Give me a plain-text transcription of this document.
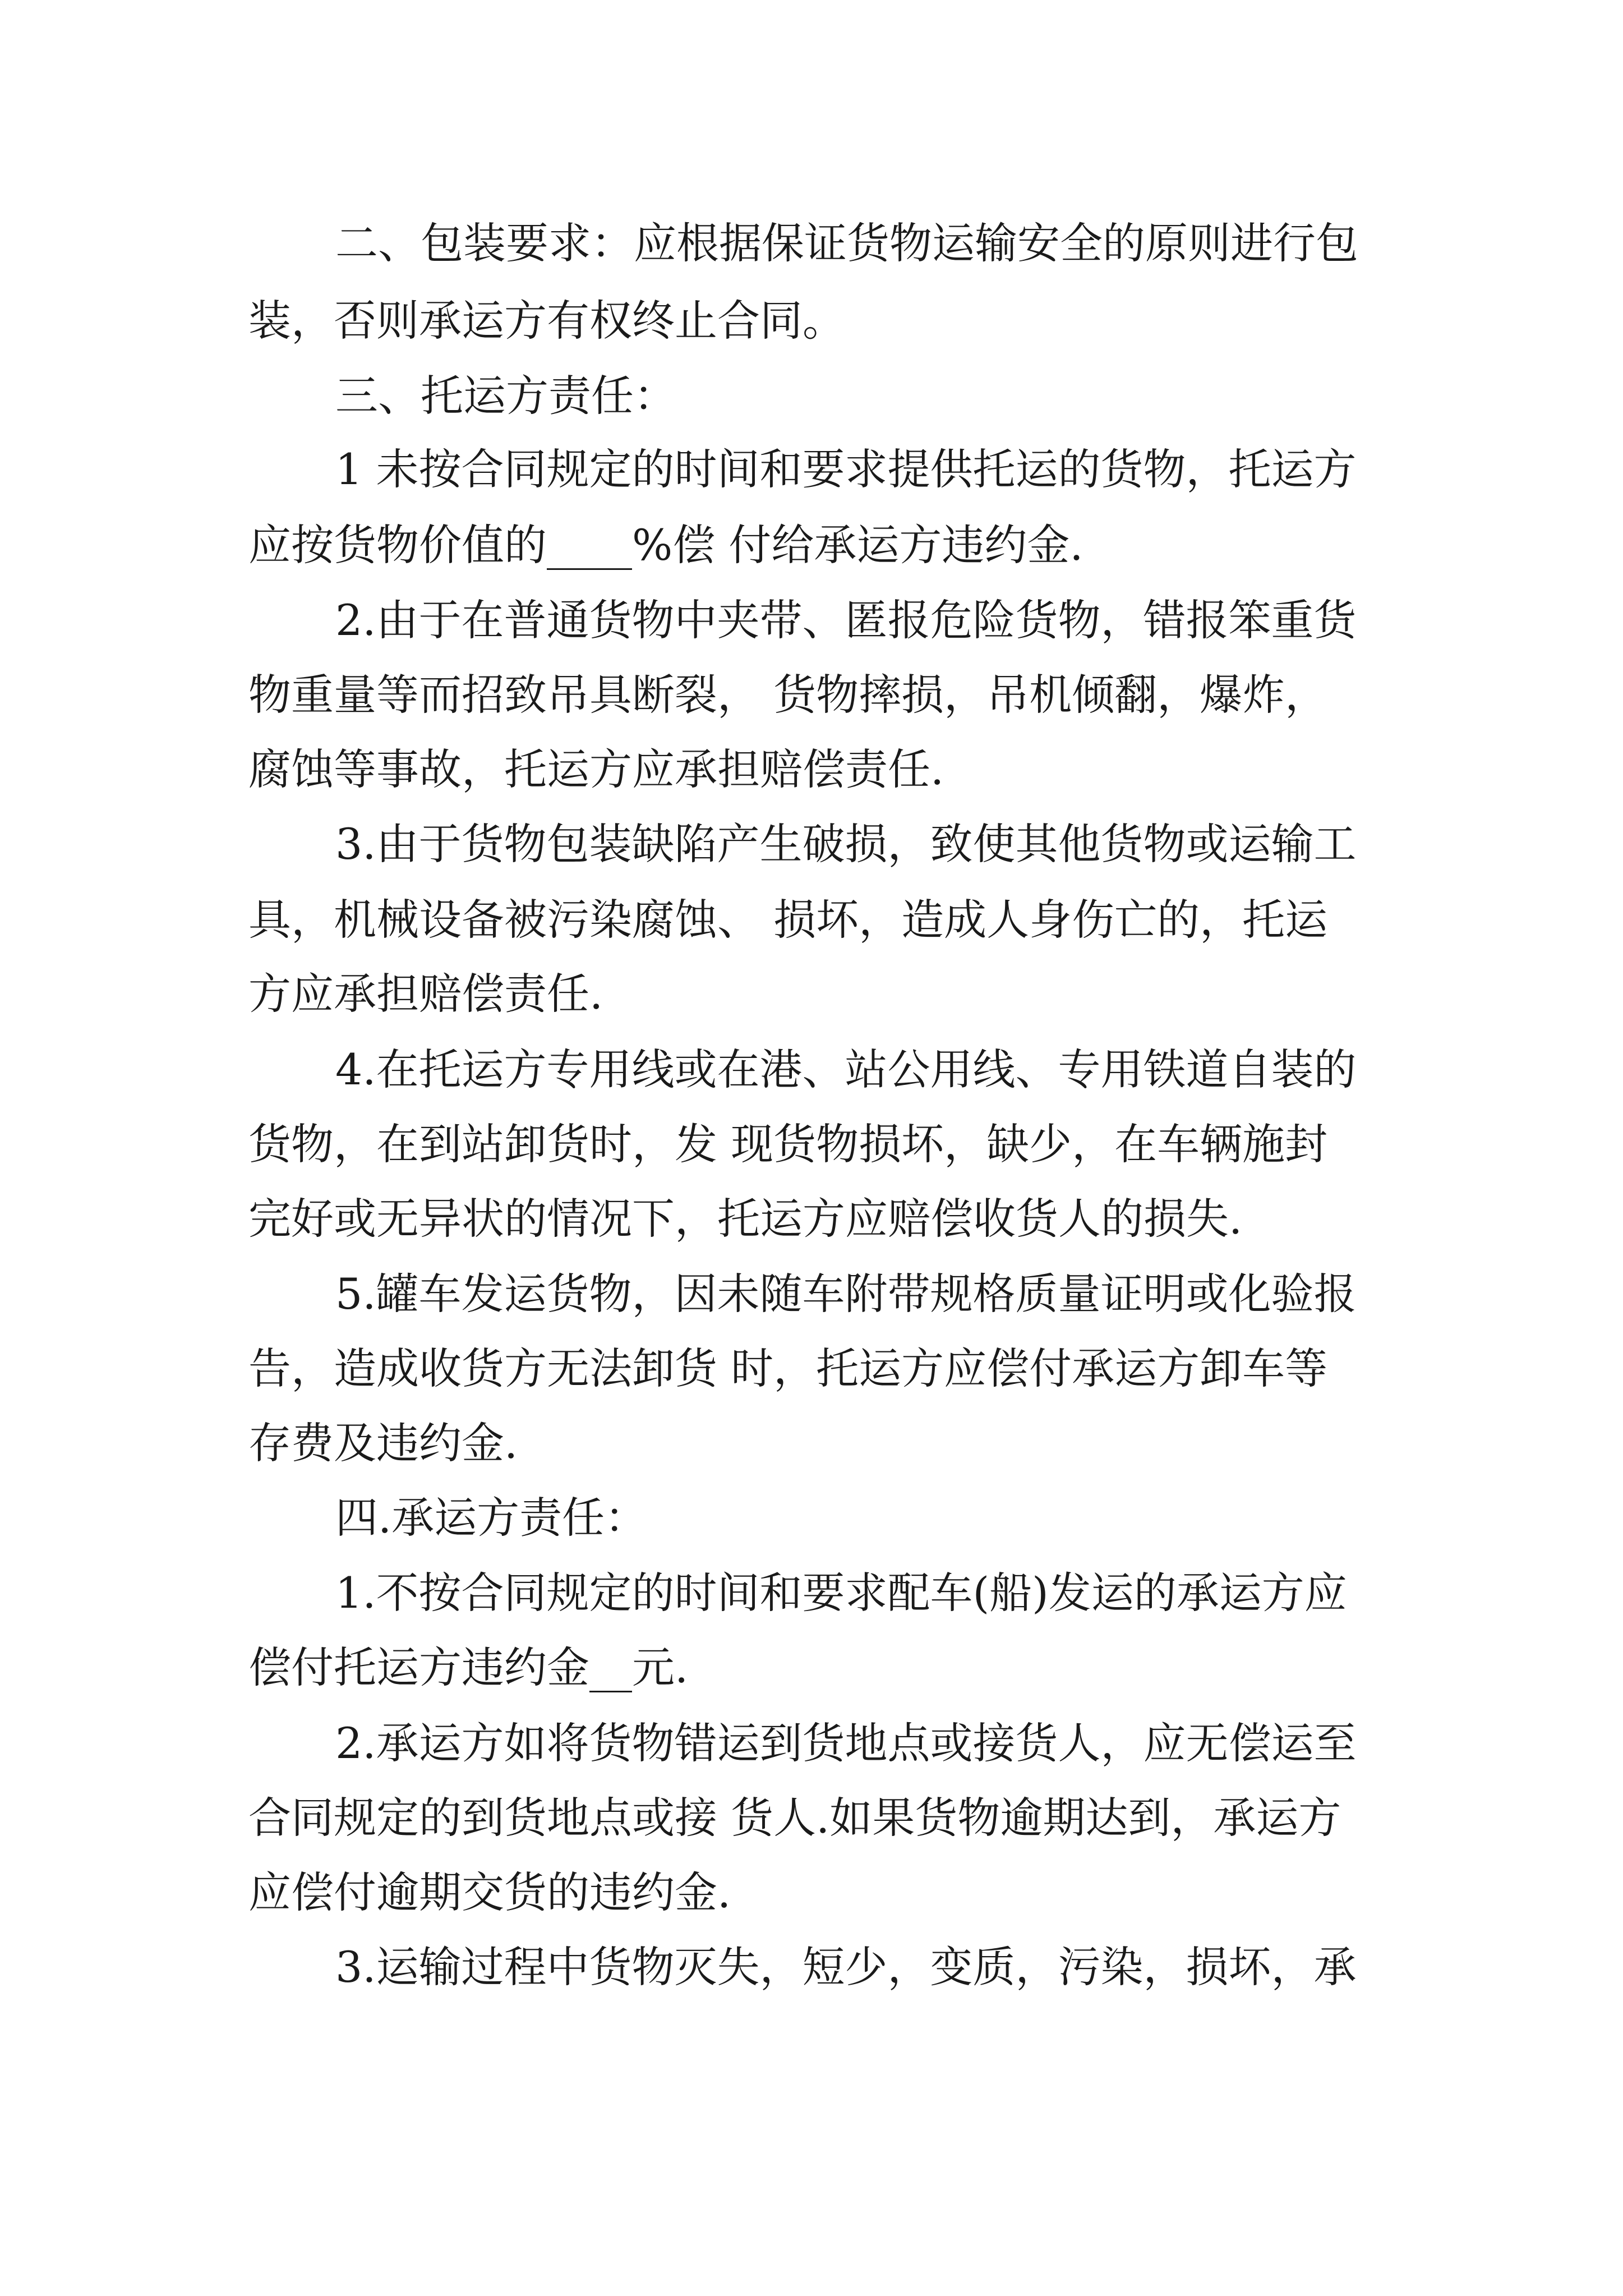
二、包装要求：应根据保证货物运输安全的原则进行包
装，否则承运方有权终止合同。
三、托运方责任：
1 未按合同规定的时间和要求提供托运的货物，托运方
应按货物价值的____%偿 付给承运方违约金.
2.由于在普通货物中夹带、匿报危险货物，错报笨重货
物重量等而招致吊具断裂， 货物摔损，吊机倾翻，爆炸，
腐蚀等事故，托运方应承担赔偿责任.
3.由于货物包装缺陷产生破损，致使其他货物或运输工
具，机械设备被污染腐蚀、 损坏，造成人身伤亡的，托运
方应承担赔偿责任.
4.在托运方专用线或在港、站公用线、专用铁道自装的
货物，在到站卸货时，发 现货物损坏，缺少，在车辆施封
完好或无异状的情况下，托运方应赔偿收货人的损失.
5.罐车发运货物，因未随车附带规格质量证明或化验报
告，造成收货方无法卸货 时，托运方应偿付承运方卸车等
存费及违约金.
四.承运方责任：
1.不按合同规定的时间和要求配车(船)发运的承运方应
偿付托运方违约金__元.
2.承运方如将货物错运到货地点或接货人，应无偿运至
合同规定的到货地点或接 货人.如果货物逾期达到，承运方
应偿付逾期交货的违约金.
3.运输过程中货物灭失，短少，变质，污染，损坏，承
